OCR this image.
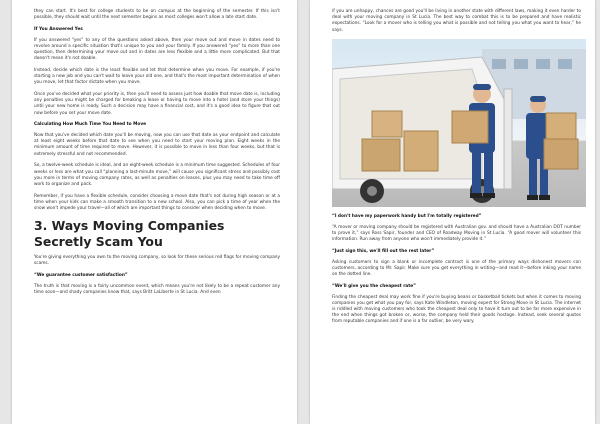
they can start. It's best for college students to be on campus at the beginning of the semester. If this isn't possible, they should wait until the next semester begins as most colleges won't allow a late start date.

If You Answered Yes

If you answered “yes” to any of the questions asked above, then your move out and move in dates need to revolve around a specific situation that's unique to you and your family. If you answered “yes” to more than one question, then determining your move out and in dates are less flexible and a little more complicated. But that doesn't mean it's not doable.

Instead, decide which date is the least flexible and let that determine when you move. For example, if you're starting a new job and you can't wait to leave your old one, and that's the most important determination of when you move, let that factor dictate when you move.

Once you've decided what your priority is, then you'll need to assess just how doable that move date is, including any penalties you might be charged for breaking a lease or having to move into a hotel (and store your things) until your new home is ready. Such a decision may have a financial cost, and it's a good idea to figure that out now before you set your move date.

Calculating How Much Time You Need to Move

Now that you've decided which date you'll be moving, now you can use that date as your endpoint and calculate at least eight weeks before that date to see when you need to start your moving plan. Eight weeks in the minimum amount of time required to move. However, it is possible to move in less than four weeks, but that is extremely stressful and not recommended.

So, a twelve-week schedule is ideal, and an eight-week schedule is a minimum time suggested. Schedules of four weeks or less are what you call “planning a last-minute move,” will cause you significant stress and possibly cost you more in terms of moving company rates, as well as penalties on leases, plus you may need to take time off work to organize and pack.

Remember, if you have a flexible schedule, consider choosing a move date that's not during high season or at a time when your kids can make a smooth transition to a new school. Also, you can pick a time of year when the snow won't impede your travel—all of which are important things to consider when deciding when to move.

3. Ways Moving Companies Secretly Scam You

You're giving everything you own to the moving company, so look for these serious red flags for moving company scams.

“We guarantee customer satisfaction”

The truth is that moving is a fairly uncommon event, which means you're not likely to be a repeat customer any time soon—and shady companies know that, says Britt LaLiberte in St Lucia. And even

if you are unhappy, chances are good you'll be living in another state with different laws, making it even harder to deal with your moving company in St Lucia. The best way to combat this is to be prepared and have realistic expectations. “Look for a mover who is telling you what is possible and not telling you what you want to hear,” he says.

“I don't have my paperwork handy but I'm totally registered”

“A mover or moving company should be registered with Australian gov. and should have a Australian DOT number to prove it,” says Ross Sapir, founder and CEO of Roadway Moving in St Lucia. “A good mover will volunteer this information. Run away from anyone who won't immediately provide it.”

“Just sign this, we'll fill out the rest later”

Asking customers to sign a blank or incomplete contract is one of the primary ways dishonest movers con customers, according to Mr. Sapir. Make sure you get everything in writing—and read it—before inking your name on the dotted line.

“We'll give you the cheapest rate”

Finding the cheapest deal may work fine if you're buying beans or basketball tickets but when it comes to moving companies you get what you pay for, says Kate Windleton, moving expert for Strong Move in St Lucia. The internet is riddled with moving customers who took the cheapest deal only to have it turn out to be far more expensive in the end when things got broken or, worse, the company held their goods hostage. Instead, seek several quotes from reputable companies and if one is a far outlier, be very wary.
